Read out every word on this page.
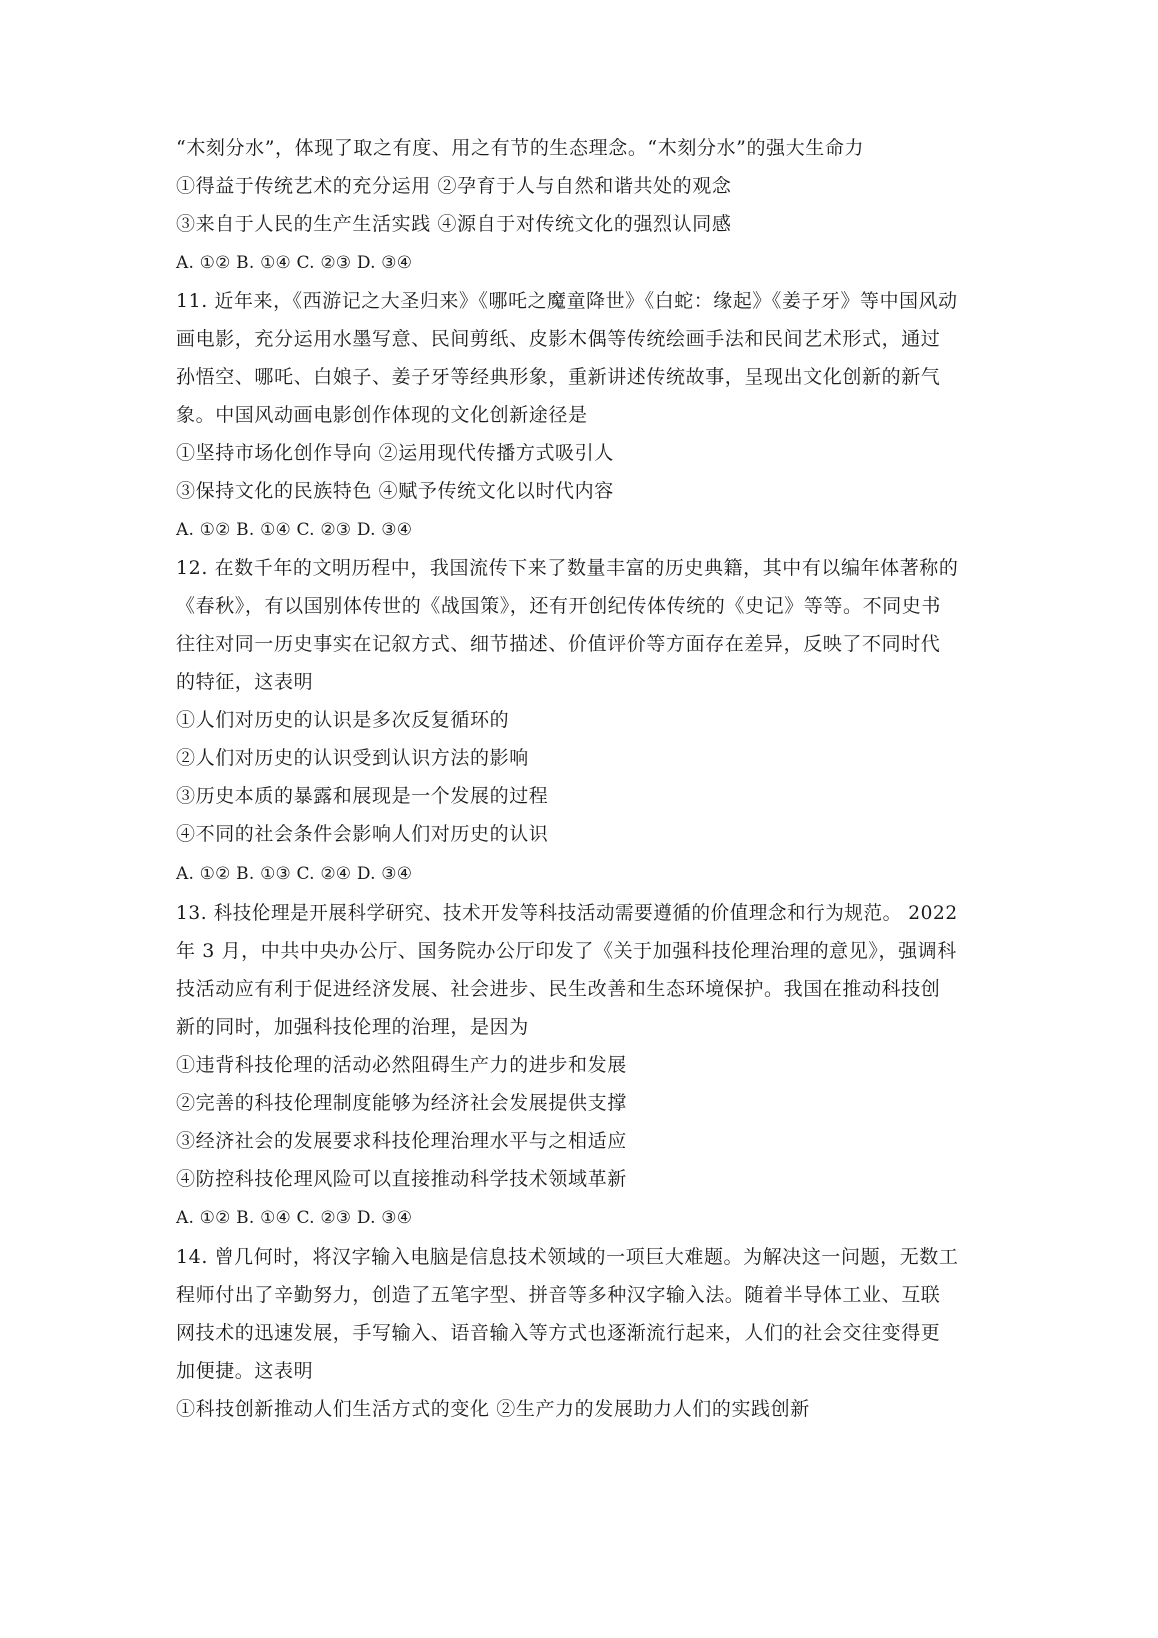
“木刻分水”，体现了取之有度、用之有节的生态理念。“木刻分水”的强大生命力
①得益于传统艺术的充分运用 ②孕育于人与自然和谐共处的观念
③来自于人民的生产生活实践 ④源自于对传统文化的强烈认同感
A. ①② B. ①④ C. ②③ D. ③④
11. 近年来，《西游记之大圣归来》《哪吒之魔童降世》《白蛇：缘起》《姜子牙》等中国风动
画电影，充分运用水墨写意、民间剪纸、皮影木偶等传统绘画手法和民间艺术形式，通过
孙悟空、哪吒、白娘子、姜子牙等经典形象，重新讲述传统故事，呈现出文化创新的新气
象。中国风动画电影创作体现的文化创新途径是
①坚持市场化创作导向 ②运用现代传播方式吸引人
③保持文化的民族特色 ④赋予传统文化以时代内容
A. ①② B. ①④ C. ②③ D. ③④
12. 在数千年的文明历程中，我国流传下来了数量丰富的历史典籍，其中有以编年体著称的
《春秋》，有以国别体传世的《战国策》，还有开创纪传体传统的《史记》等等。不同史书
往往对同一历史事实在记叙方式、细节描述、价值评价等方面存在差异，反映了不同时代
的特征，这表明
①人们对历史的认识是多次反复循环的
②人们对历史的认识受到认识方法的影响
③历史本质的暴露和展现是一个发展的过程
④不同的社会条件会影响人们对历史的认识
A. ①② B. ①③ C. ②④ D. ③④
13. 科技伦理是开展科学研究、技术开发等科技活动需要遵循的价值理念和行为规范。 2022
年 3 月，中共中央办公厅、国务院办公厅印发了《关于加强科技伦理治理的意见》，强调科
技活动应有利于促进经济发展、社会进步、民生改善和生态环境保护。我国在推动科技创
新的同时，加强科技伦理的治理，是因为
①违背科技伦理的活动必然阻碍生产力的进步和发展
②完善的科技伦理制度能够为经济社会发展提供支撑
③经济社会的发展要求科技伦理治理水平与之相适应
④防控科技伦理风险可以直接推动科学技术领域革新
A. ①② B. ①④ C. ②③ D. ③④
14. 曾几何时，将汉字输入电脑是信息技术领域的一项巨大难题。为解决这一问题，无数工
程师付出了辛勤努力，创造了五笔字型、拼音等多种汉字输入法。随着半导体工业、互联
网技术的迅速发展，手写输入、语音输入等方式也逐渐流行起来，人们的社会交往变得更
加便捷。这表明
①科技创新推动人们生活方式的变化 ②生产力的发展助力人们的实践创新
